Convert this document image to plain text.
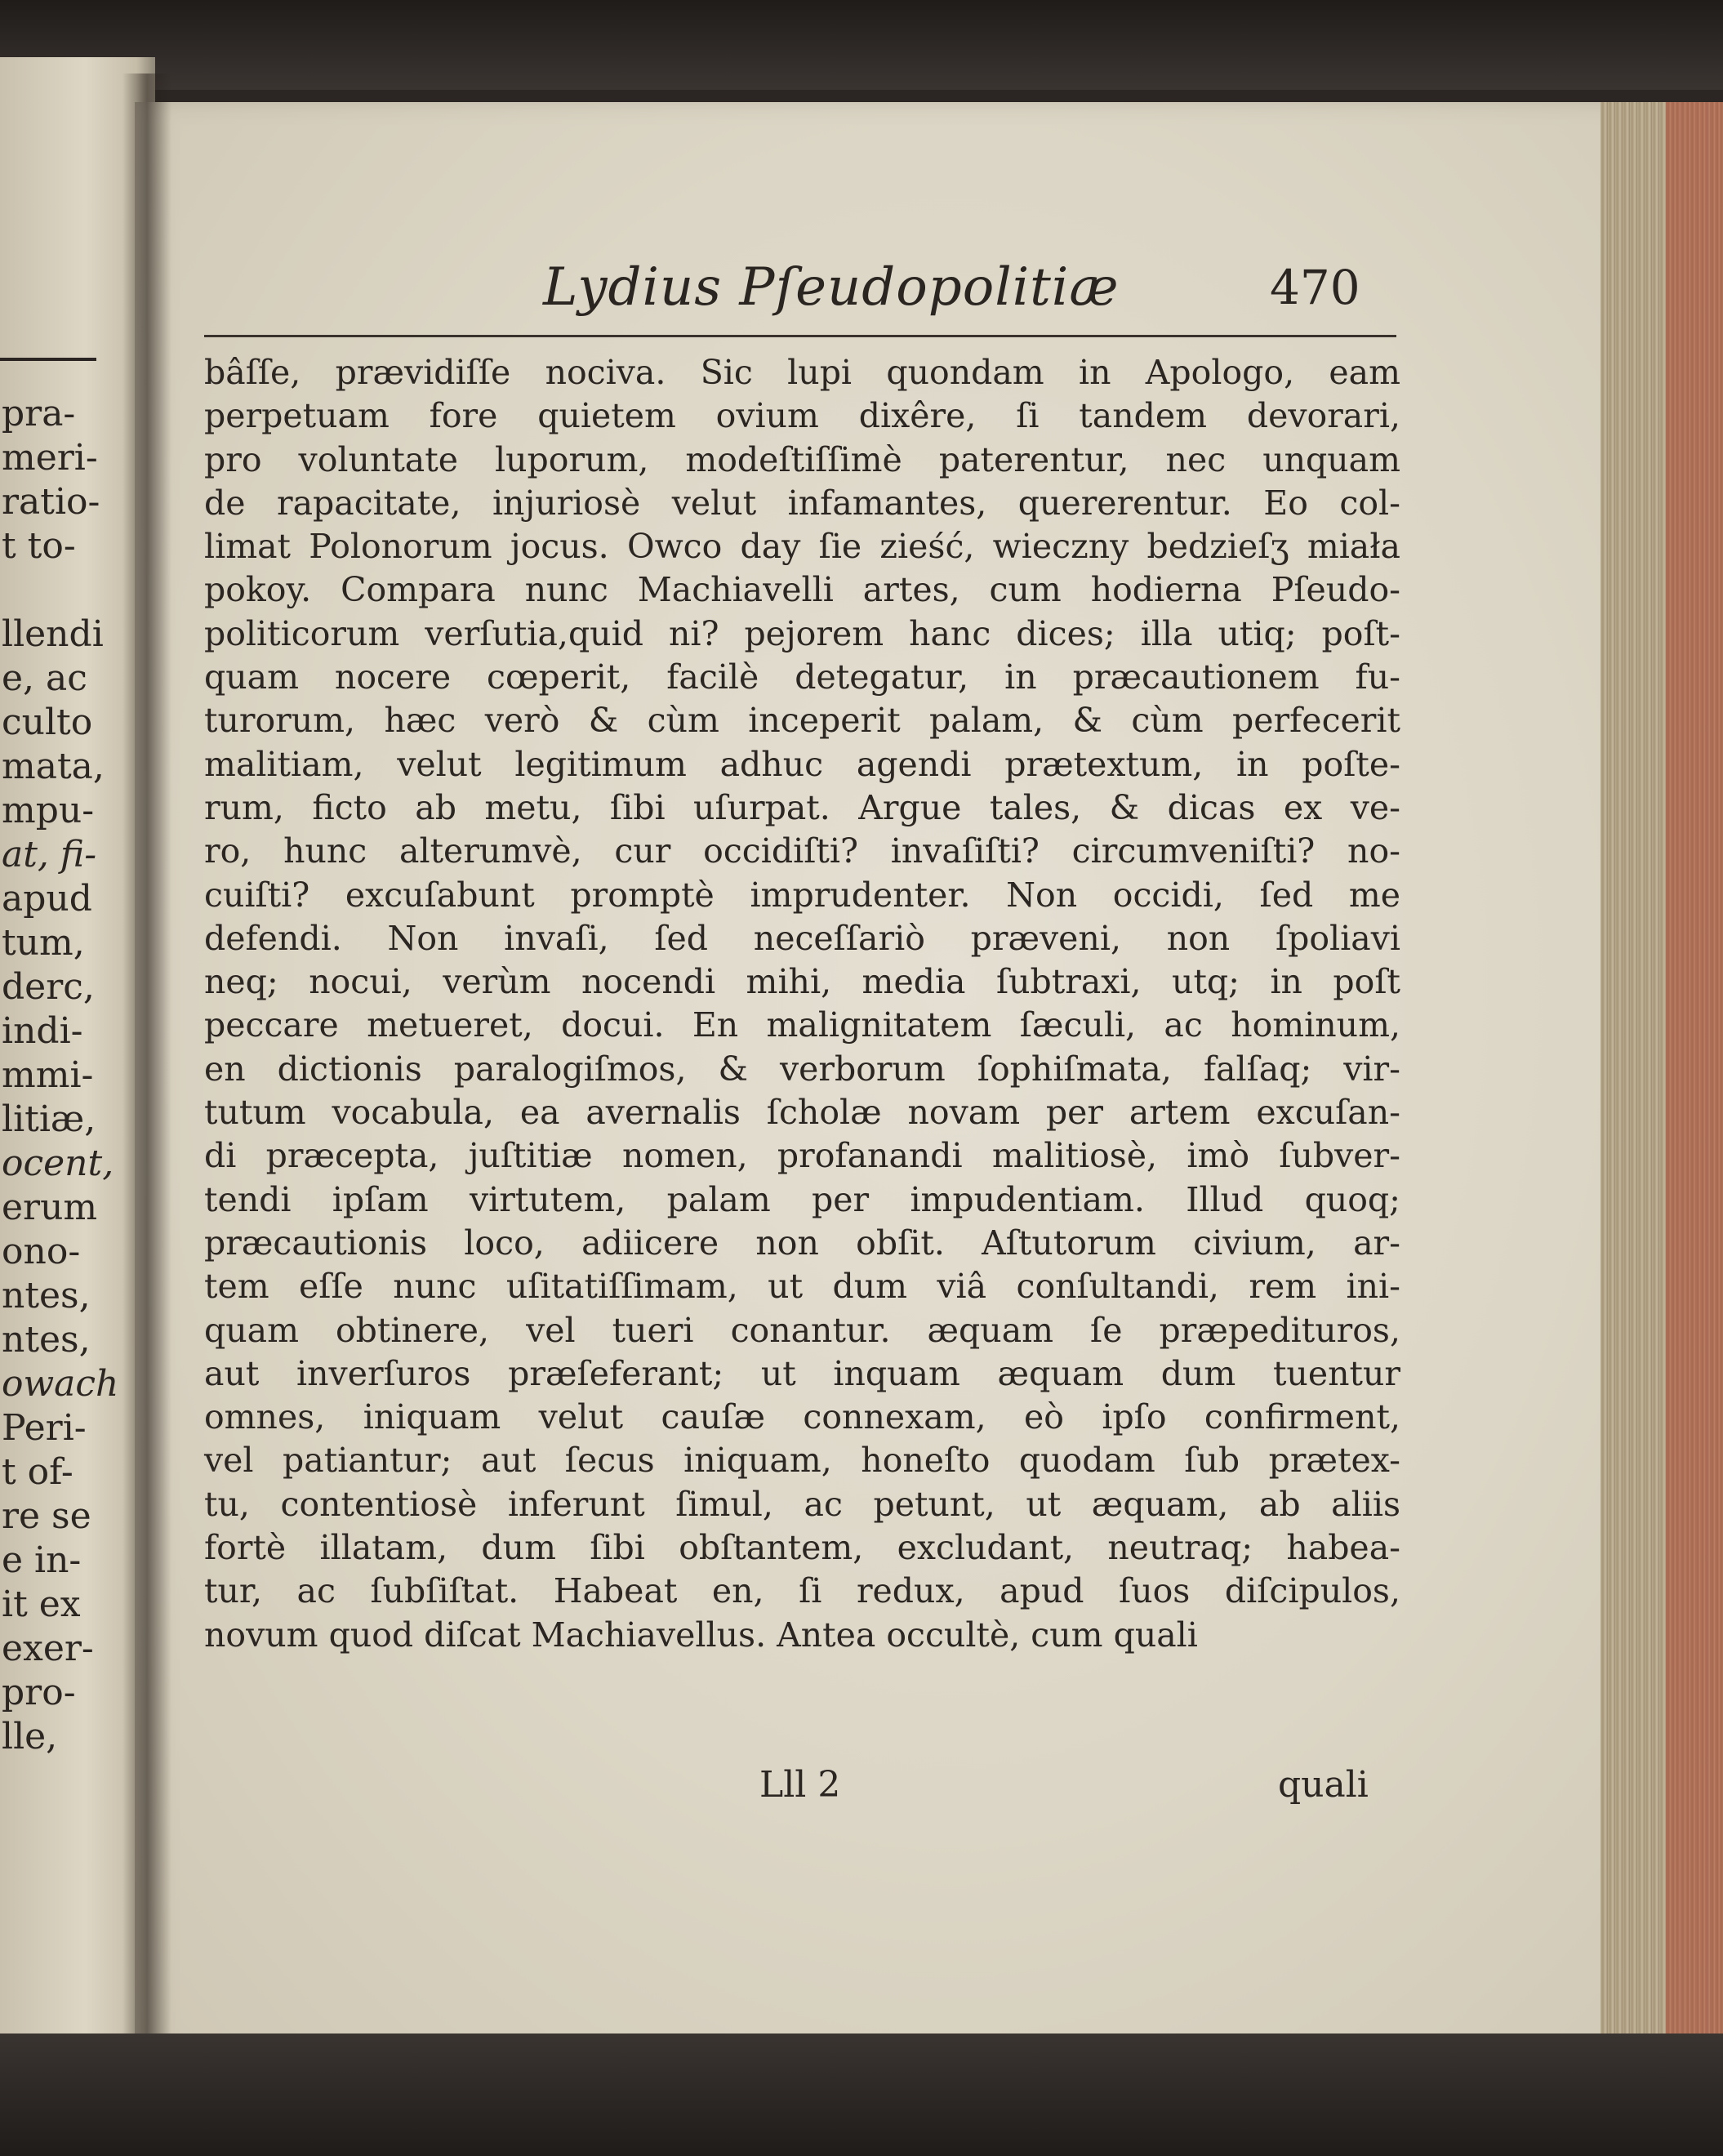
pra-
meri-
ratio-
t to-
llendi
e, ac
culto
mata,
mpu-
at, fi-
apud
tum,
derc,
indi-
mmi-
litiæ,
ocent,
erum
ono-
ntes,
ntes,
owach
Peri-
t of-
re se
e in-
it ex
exer-
pro-
lle,
Lydius Pſeudopolitiæ	470
bâſſe, prævidiſſe nociva. Sic lupi quondam in Apologo, eam
perpetuam fore quietem ovium dixêre, ſi tandem devorari,
pro voluntate luporum, modeſtiſſimè paterentur, nec unquam
de rapacitate, injuriosè velut infamantes, quererentur. Eo col-
limat Polonorum jocus. Owco day ſie zieść, wieczny bedzieſʒ miała
pokoy. Compara nunc Machiavelli artes, cum hodierna Pſeudo-
politicorum verſutia,quid ni? pejorem hanc dices; illa utiq; poſt-
quam nocere cœperit, facilè detegatur, in præcautionem fu-
turorum, hæc verò & cùm inceperit palam, & cùm perfecerit
malitiam, velut legitimum adhuc agendi prætextum, in poſte-
rum, ficto ab metu, ſibi uſurpat. Argue tales, & dicas ex ve-
ro, hunc alterumvè, cur occidiſti? invaſiſti? circumveniſti? no-
cuiſti? excuſabunt promptè imprudenter. Non occidi, ſed me
defendi. Non invaſi, ſed neceſſariò præveni, non ſpoliavi
neq; nocui, verùm nocendi mihi, media ſubtraxi, utq; in poſt
peccare metueret, docui. En malignitatem ſæculi, ac hominum,
en dictionis paralogiſmos, & verborum ſophiſmata, falſaq; vir-
tutum vocabula, ea avernalis ſcholæ novam per artem excuſan-
di præcepta, juſtitiæ nomen, profanandi malitiosè, imò ſubver-
tendi ipſam virtutem, palam per impudentiam. Illud quoq;
præcautionis loco, adiicere non obſit. Aſtutorum civium, ar-
tem eſſe nunc uſitatiſſimam, ut dum viâ conſultandi, rem ini-
quam obtinere, vel tueri conantur. æquam ſe præpedituros,
aut inverſuros præſeferant; ut inquam æquam dum tuentur
omnes, iniquam velut cauſæ connexam, eò ipſo confirment,
vel patiantur; aut ſecus iniquam, honeſto quodam ſub prætex-
tu, contentiosè inferunt ſimul, ac petunt, ut æquam, ab aliis
fortè illatam, dum ſibi obſtantem, excludant, neutraq; habea-
tur, ac ſubſiſtat. Habeat en, ſi redux, apud ſuos diſcipulos,
novum quod diſcat Machiavellus. Antea occultè, cum quali
Lll 2	quali
